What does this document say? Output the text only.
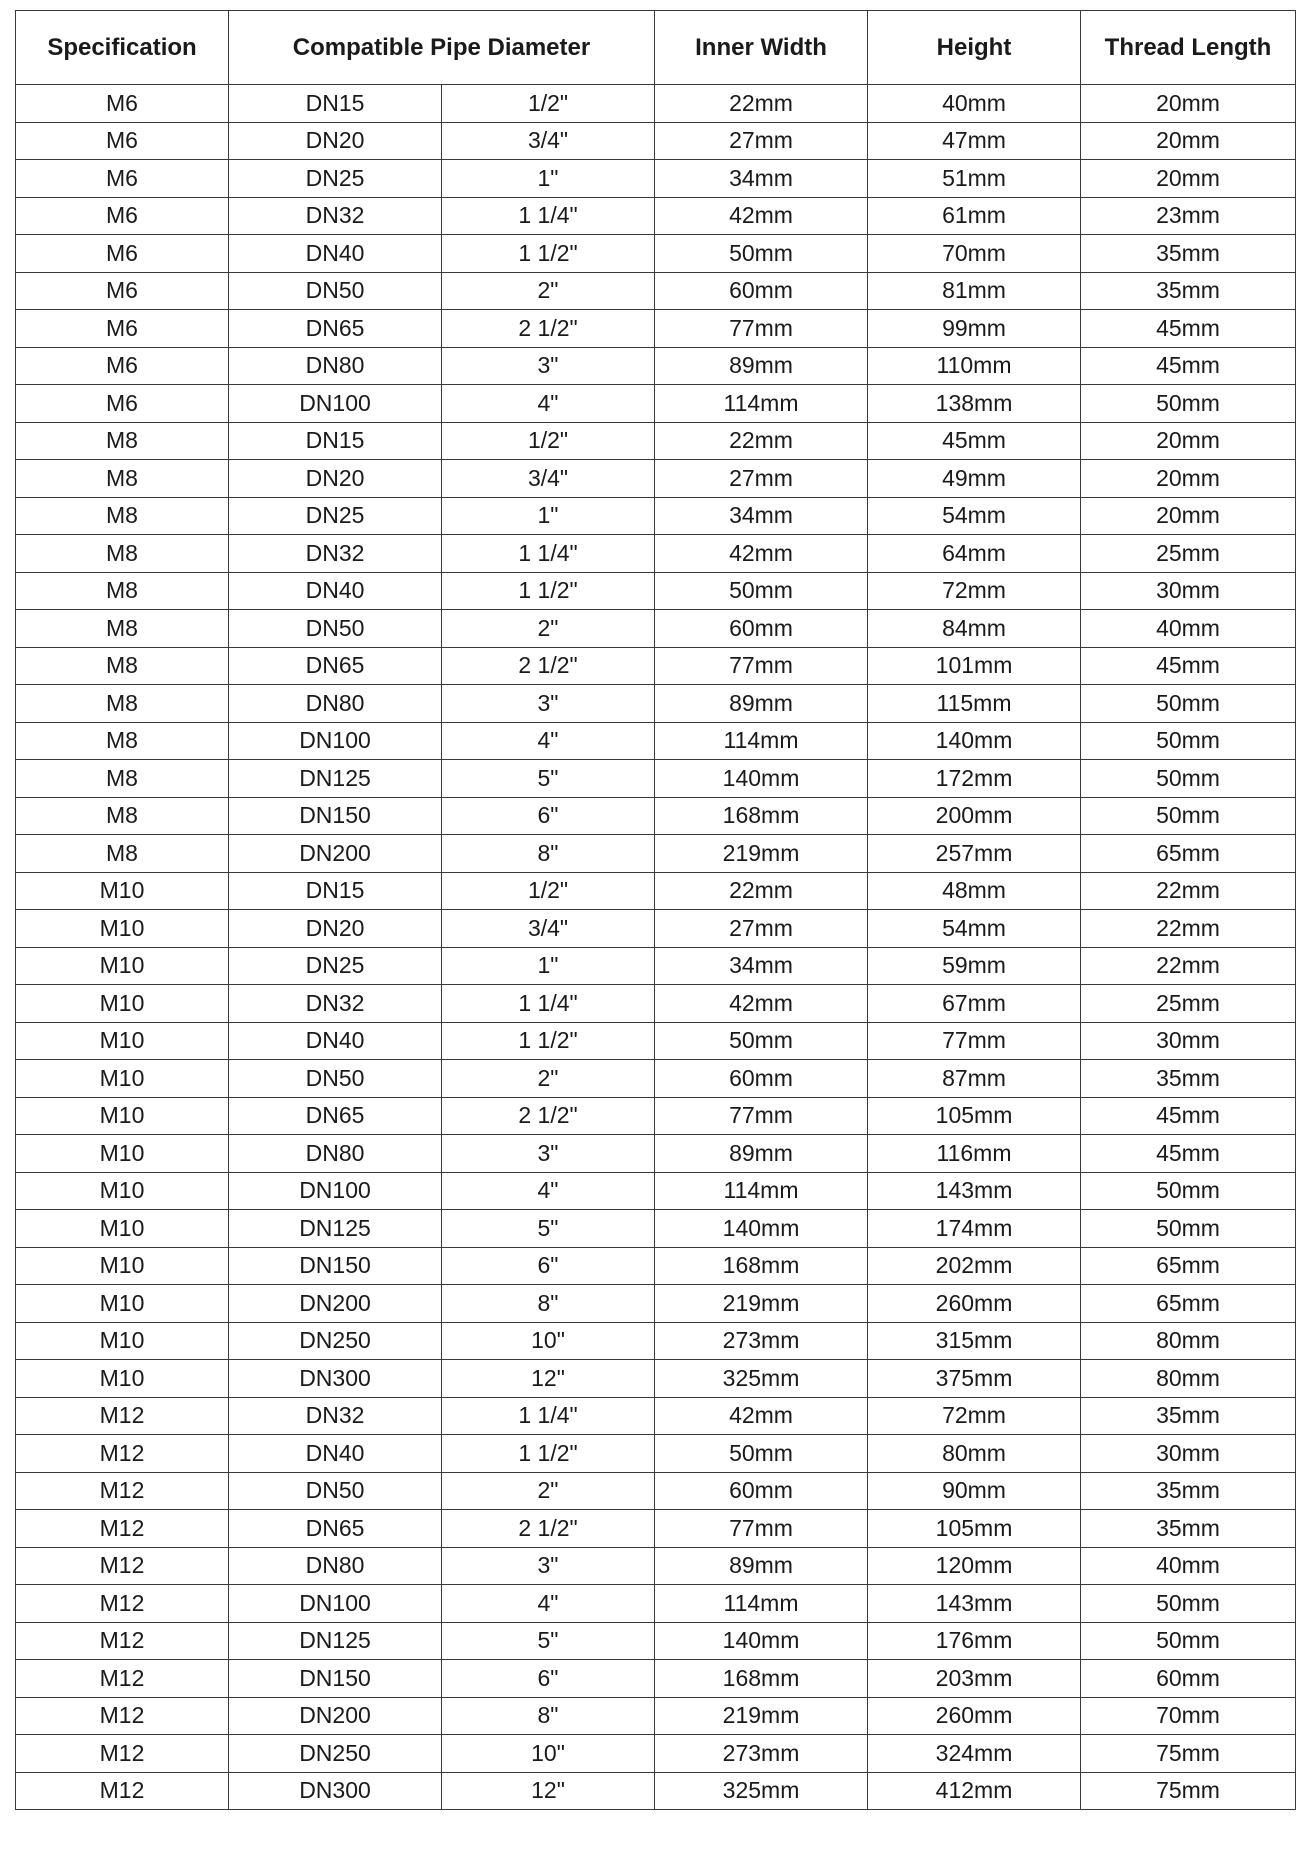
Specification	Compatible Pipe Diameter		Inner Width	Height	Thread Length
M6	DN15	1/2"	22mm	40mm	20mm
M6	DN20	3/4"	27mm	47mm	20mm
M6	DN25	1"	34mm	51mm	20mm
M6	DN32	1 1/4"	42mm	61mm	23mm
M6	DN40	1 1/2"	50mm	70mm	35mm
M6	DN50	2"	60mm	81mm	35mm
M6	DN65	2 1/2"	77mm	99mm	45mm
M6	DN80	3"	89mm	110mm	45mm
M6	DN100	4"	114mm	138mm	50mm
M8	DN15	1/2"	22mm	45mm	20mm
M8	DN20	3/4"	27mm	49mm	20mm
M8	DN25	1"	34mm	54mm	20mm
M8	DN32	1 1/4"	42mm	64mm	25mm
M8	DN40	1 1/2"	50mm	72mm	30mm
M8	DN50	2"	60mm	84mm	40mm
M8	DN65	2 1/2"	77mm	101mm	45mm
M8	DN80	3"	89mm	115mm	50mm
M8	DN100	4"	114mm	140mm	50mm
M8	DN125	5"	140mm	172mm	50mm
M8	DN150	6"	168mm	200mm	50mm
M8	DN200	8"	219mm	257mm	65mm
M10	DN15	1/2"	22mm	48mm	22mm
M10	DN20	3/4"	27mm	54mm	22mm
M10	DN25	1"	34mm	59mm	22mm
M10	DN32	1 1/4"	42mm	67mm	25mm
M10	DN40	1 1/2"	50mm	77mm	30mm
M10	DN50	2"	60mm	87mm	35mm
M10	DN65	2 1/2"	77mm	105mm	45mm
M10	DN80	3"	89mm	116mm	45mm
M10	DN100	4"	114mm	143mm	50mm
M10	DN125	5"	140mm	174mm	50mm
M10	DN150	6"	168mm	202mm	65mm
M10	DN200	8"	219mm	260mm	65mm
M10	DN250	10"	273mm	315mm	80mm
M10	DN300	12"	325mm	375mm	80mm
M12	DN32	1 1/4"	42mm	72mm	35mm
M12	DN40	1 1/2"	50mm	80mm	30mm
M12	DN50	2"	60mm	90mm	35mm
M12	DN65	2 1/2"	77mm	105mm	35mm
M12	DN80	3"	89mm	120mm	40mm
M12	DN100	4"	114mm	143mm	50mm
M12	DN125	5"	140mm	176mm	50mm
M12	DN150	6"	168mm	203mm	60mm
M12	DN200	8"	219mm	260mm	70mm
M12	DN250	10"	273mm	324mm	75mm
M12	DN300	12"	325mm	412mm	75mm
